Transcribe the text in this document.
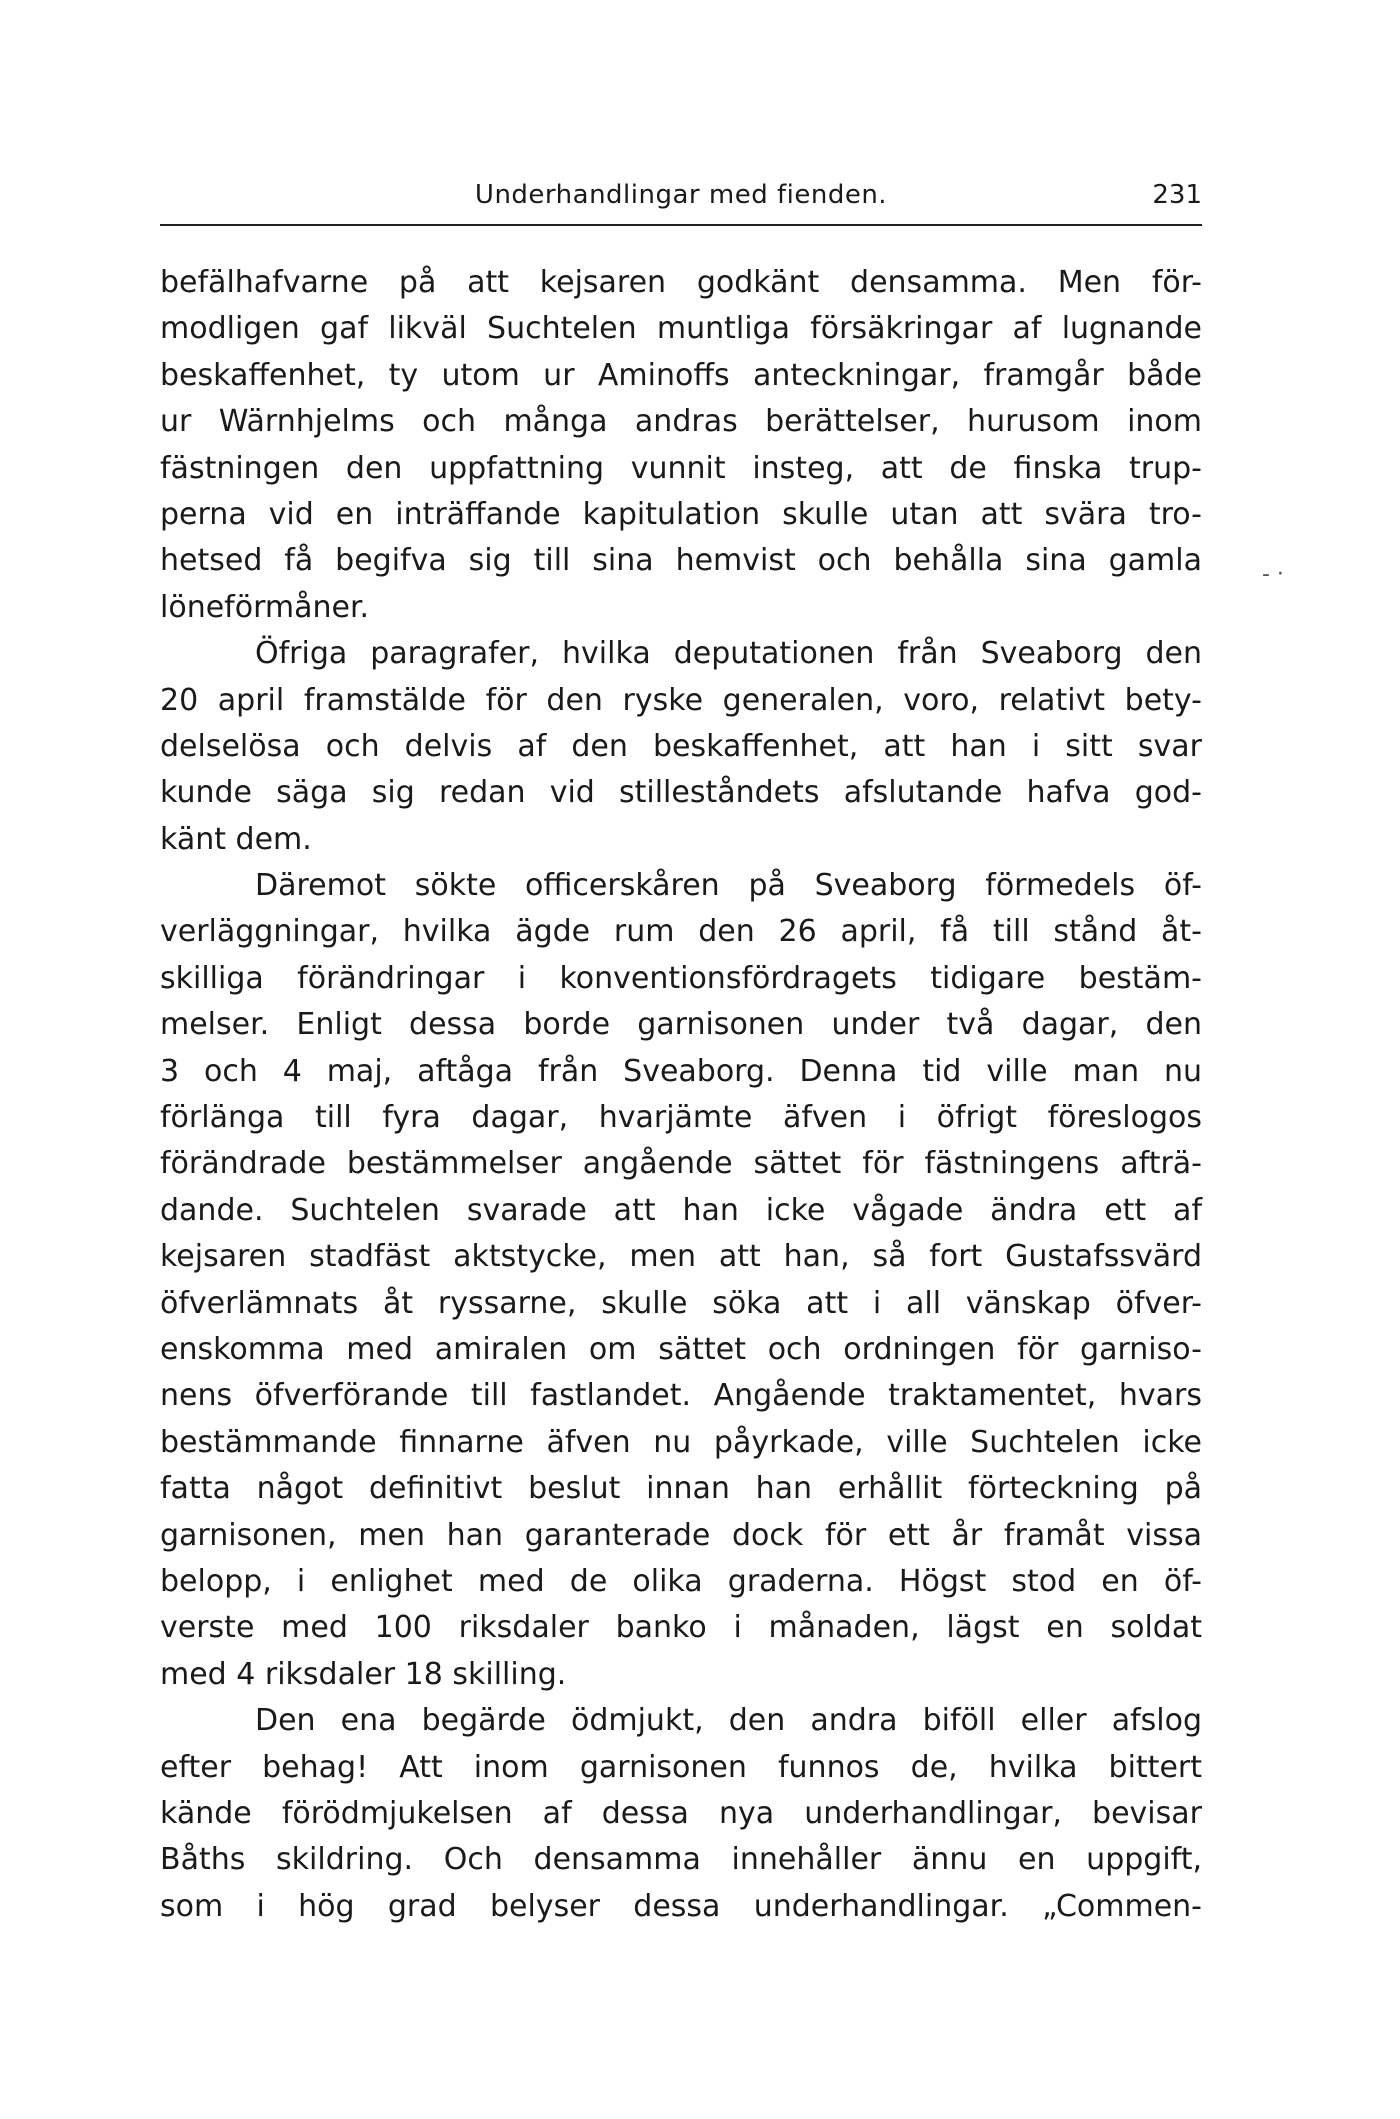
Underhandlingar med fienden.	231
befälhafvarne på att kejsaren godkänt densamma. Men för-
modligen gaf likväl Suchtelen muntliga försäkringar af lugnande
beskaffenhet, ty utom ur Aminoffs anteckningar, framgår både
ur Wärnhjelms och många andras berättelser, hurusom inom
fästningen den uppfattning vunnit insteg, att de finska trup-
perna vid en inträffande kapitulation skulle utan att svära tro-
hetsed få begifva sig till sina hemvist och behålla sina gamla
löneförmåner.
Öfriga paragrafer, hvilka deputationen från Sveaborg den
20 april framstälde för den ryske generalen, voro, relativt bety-
delselösa och delvis af den beskaffenhet, att han i sitt svar
kunde säga sig redan vid stilleståndets afslutande hafva god-
känt dem.
Däremot sökte officerskåren på Sveaborg förmedels öf-
verläggningar, hvilka ägde rum den 26 april, få till stånd åt-
skilliga förändringar i konventionsfördragets tidigare bestäm-
melser. Enligt dessa borde garnisonen under två dagar, den
3 och 4 maj, aftåga från Sveaborg. Denna tid ville man nu
förlänga till fyra dagar, hvarjämte äfven i öfrigt föreslogos
förändrade bestämmelser angående sättet för fästningens afträ-
dande. Suchtelen svarade att han icke vågade ändra ett af
kejsaren stadfäst aktstycke, men att han, så fort Gustafssvärd
öfverlämnats åt ryssarne, skulle söka att i all vänskap öfver-
enskomma med amiralen om sättet och ordningen för garniso-
nens öfverförande till fastlandet. Angående traktamentet, hvars
bestämmande finnarne äfven nu påyrkade, ville Suchtelen icke
fatta något definitivt beslut innan han erhållit förteckning på
garnisonen, men han garanterade dock för ett år framåt vissa
belopp, i enlighet med de olika graderna. Högst stod en öf-
verste med 100 riksdaler banko i månaden, lägst en soldat
med 4 riksdaler 18 skilling.
Den ena begärde ödmjukt, den andra biföll eller afslog
efter behag! Att inom garnisonen funnos de, hvilka bittert
kände förödmjukelsen af dessa nya underhandlingar, bevisar
Båths skildring. Och densamma innehåller ännu en uppgift,
som i hög grad belyser dessa underhandlingar. „Commen-
- ·
